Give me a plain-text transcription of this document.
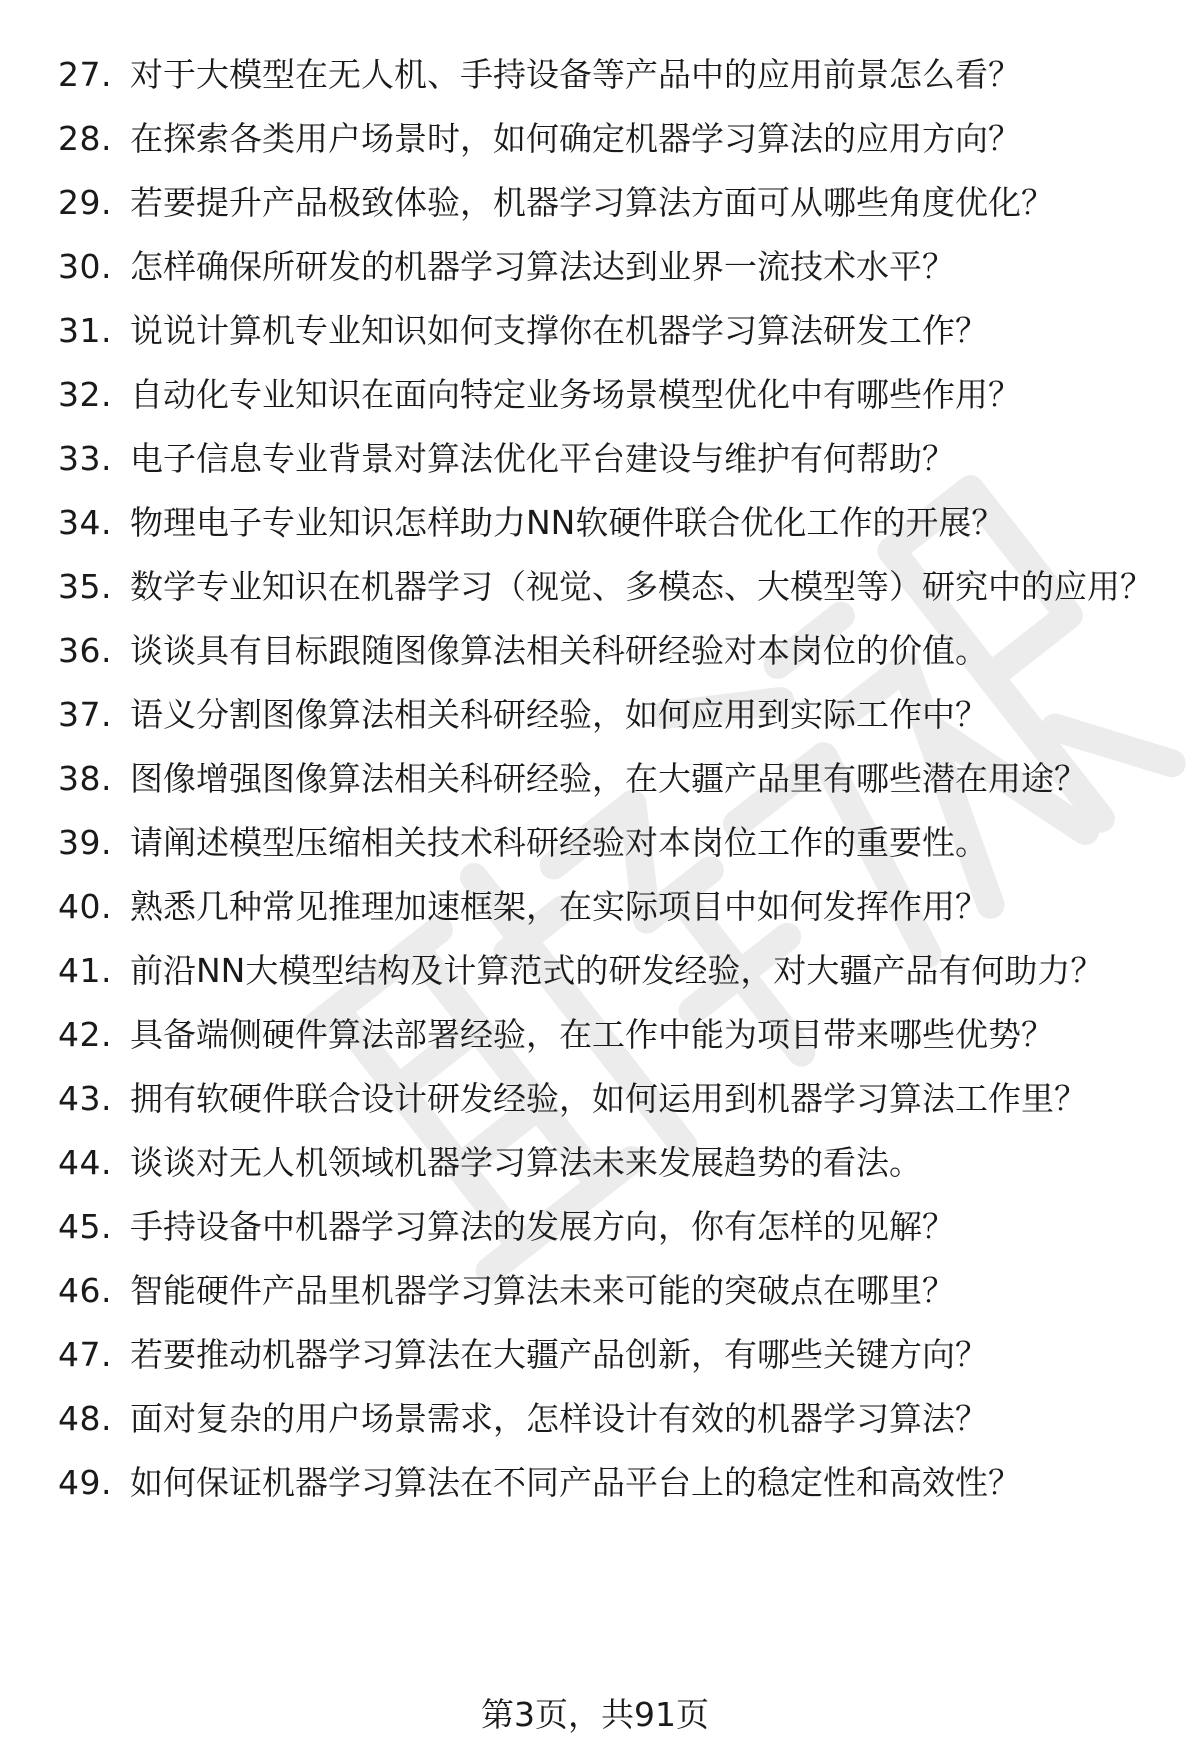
27. 对于大模型在无人机、手持设备等产品中的应用前景怎么看？
28. 在探索各类用户场景时，如何确定机器学习算法的应用方向？
29. 若要提升产品极致体验，机器学习算法方面可从哪些角度优化？
30. 怎样确保所研发的机器学习算法达到业界一流技术水平？
31. 说说计算机专业知识如何支撑你在机器学习算法研发工作？
32. 自动化专业知识在面向特定业务场景模型优化中有哪些作用？
33. 电子信息专业背景对算法优化平台建设与维护有何帮助？
34. 物理电子专业知识怎样助力NN软硬件联合优化工作的开展？
35. 数学专业知识在机器学习（视觉、多模态、大模型等）研究中的应用？
36. 谈谈具有目标跟随图像算法相关科研经验对本岗位的价值。
37. 语义分割图像算法相关科研经验，如何应用到实际工作中？
38. 图像增强图像算法相关科研经验，在大疆产品里有哪些潜在用途？
39. 请阐述模型压缩相关技术科研经验对本岗位工作的重要性。
40. 熟悉几种常见推理加速框架，在实际项目中如何发挥作用？
41. 前沿NN大模型结构及计算范式的研发经验，对大疆产品有何助力？
42. 具备端侧硬件算法部署经验，在工作中能为项目带来哪些优势？
43. 拥有软硬件联合设计研发经验，如何运用到机器学习算法工作里？
44. 谈谈对无人机领域机器学习算法未来发展趋势的看法。
45. 手持设备中机器学习算法的发展方向，你有怎样的见解？
46. 智能硬件产品里机器学习算法未来可能的突破点在哪里？
47. 若要推动机器学习算法在大疆产品创新，有哪些关键方向？
48. 面对复杂的用户场景需求，怎样设计有效的机器学习算法？
49. 如何保证机器学习算法在不同产品平台上的稳定性和高效性？
第3页，共91页
